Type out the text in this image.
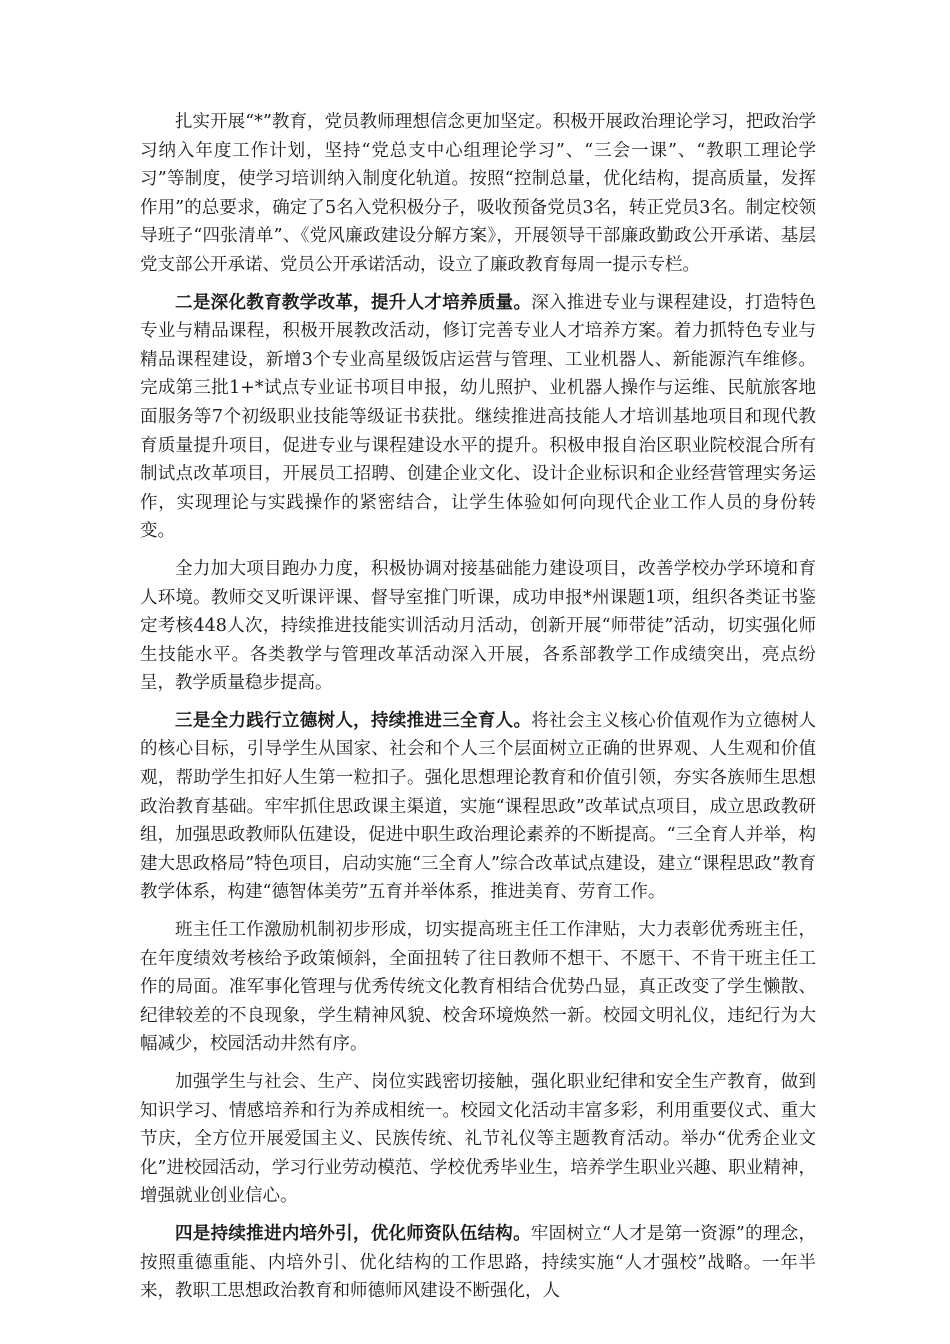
扎实开展“*”教育，党员教师理想信念更加坚定。积极开展政治理论学习，把政治学习纳入年度工作计划，坚持“党总支中心组理论学习”、“三会一课”、“教职工理论学习”等制度，使学习培训纳入制度化轨道。按照“控制总量，优化结构，提高质量，发挥作用”的总要求，确定了5名入党积极分子，吸收预备党员3名，转正党员3名。制定校领导班子“四张清单”、《党风廉政建设分解方案》，开展领导干部廉政勤政公开承诺、基层党支部公开承诺、党员公开承诺活动，设立了廉政教育每周一提示专栏。

二是深化教育教学改革，提升人才培养质量。深入推进专业与课程建设，打造特色专业与精品课程，积极开展教改活动，修订完善专业人才培养方案。着力抓特色专业与精品课程建设，新增3个专业高星级饭店运营与管理、工业机器人、新能源汽车维修。完成第三批1+*试点专业证书项目申报，幼儿照护、业机器人操作与运维、民航旅客地面服务等7个初级职业技能等级证书获批。继续推进高技能人才培训基地项目和现代教育质量提升项目，促进专业与课程建设水平的提升。积极申报自治区职业院校混合所有制试点改革项目，开展员工招聘、创建企业文化、设计企业标识和企业经营管理实务运作，实现理论与实践操作的紧密结合，让学生体验如何向现代企业工作人员的身份转变。

全力加大项目跑办力度，积极协调对接基础能力建设项目，改善学校办学环境和育人环境。教师交叉听课评课、督导室推门听课，成功申报*州课题1项，组织各类证书鉴定考核448人次，持续推进技能实训活动月活动，创新开展“师带徒”活动，切实强化师生技能水平。各类教学与管理改革活动深入开展，各系部教学工作成绩突出，亮点纷呈，教学质量稳步提高。

三是全力践行立德树人，持续推进三全育人。将社会主义核心价值观作为立德树人的核心目标，引导学生从国家、社会和个人三个层面树立正确的世界观、人生观和价值观，帮助学生扣好人生第一粒扣子。强化思想理论教育和价值引领，夯实各族师生思想政治教育基础。牢牢抓住思政课主渠道，实施“课程思政”改革试点项目，成立思政教研组，加强思政教师队伍建设，促进中职生政治理论素养的不断提高。“三全育人并举，构建大思政格局”特色项目，启动实施“三全育人”综合改革试点建设，建立“课程思政”教育教学体系，构建“德智体美劳”五育并举体系，推进美育、劳育工作。

班主任工作激励机制初步形成，切实提高班主任工作津贴，大力表彰优秀班主任，在年度绩效考核给予政策倾斜，全面扭转了往日教师不想干、不愿干、不肯干班主任工作的局面。准军事化管理与优秀传统文化教育相结合优势凸显，真正改变了学生懒散、纪律较差的不良现象，学生精神风貌、校舍环境焕然一新。校园文明礼仪，违纪行为大幅减少，校园活动井然有序。

加强学生与社会、生产、岗位实践密切接触，强化职业纪律和安全生产教育，做到知识学习、情感培养和行为养成相统一。校园文化活动丰富多彩，利用重要仪式、重大节庆，全方位开展爱国主义、民族传统、礼节礼仪等主题教育活动。举办“优秀企业文化”进校园活动，学习行业劳动模范、学校优秀毕业生，培养学生职业兴趣、职业精神，增强就业创业信心。

四是持续推进内培外引，优化师资队伍结构。牢固树立“人才是第一资源”的理念，按照重德重能、内培外引、优化结构的工作思路，持续实施“人才强校”战略。一年半来，教职工思想政治教育和师德师风建设不断强化，人
